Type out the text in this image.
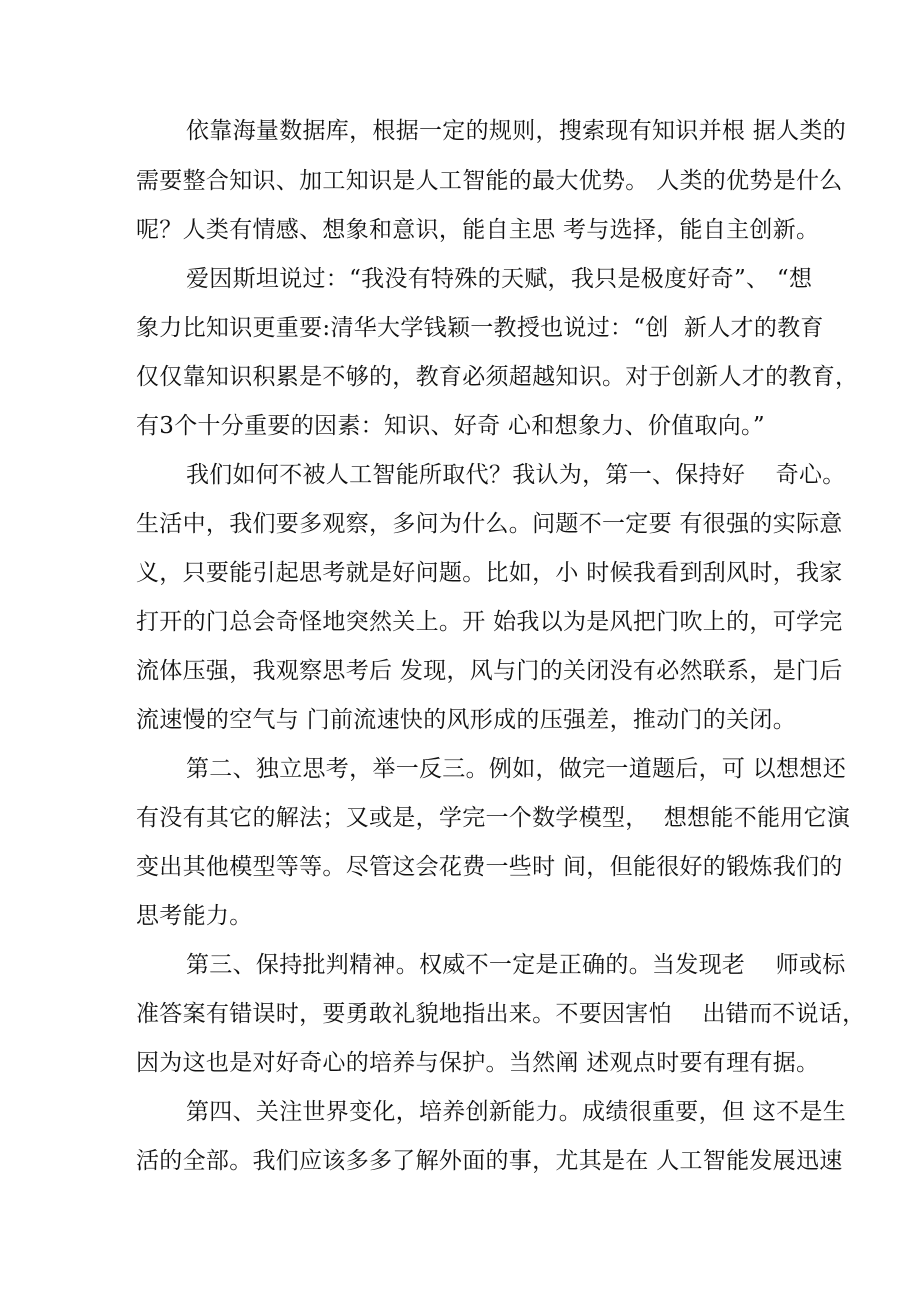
依靠海量数据库，根据一定的规则，搜索现有知识并根 据人类的
需要整合知识、加工知识是人工智能的最大优势。 人类的优势是什么
呢？人类有情感、想象和意识，能自主思 考与选择，能自主创新。
爱因斯坦说过：“我没有特殊的天赋，我只是极度好奇”、 “想
象力比知识更重要:清华大学钱颖一教授也说过：“创  新人才的教育
仅仅靠知识积累是不够的，教育必须超越知识。对于创新人才的教育，
有3个十分重要的因素：知识、好奇 心和想象力、价值取向。”
我们如何不被人工智能所取代？我认为，第一、保持好    奇心。
生活中，我们要多观察，多问为什么。问题不一定要 有很强的实际意
义，只要能引起思考就是好问题。比如，小 时候我看到刮风时，我家
打开的门总会奇怪地突然关上。开 始我以为是风把门吹上的，可学完
流体压强，我观察思考后 发现，风与门的关闭没有必然联系，是门后
流速慢的空气与 门前流速快的风形成的压强差，推动门的关闭。
第二、独立思考，举一反三。例如，做完一道题后，可 以想想还
有没有其它的解法；又或是，学完一个数学模型，  想想能不能用它演
变出其他模型等等。尽管这会花费一些时 间，但能很好的锻炼我们的
思考能力。
第三、保持批判精神。权威不一定是正确的。当发现老    师或标
准答案有错误时，要勇敢礼貌地指出来。不要因害怕    出错而不说话，
因为这也是对好奇心的培养与保护。当然阐 述观点时要有理有据。
第四、关注世界变化，培养创新能力。成绩很重要，但 这不是生
活的全部。我们应该多多了解外面的事，尤其是在 人工智能发展迅速
